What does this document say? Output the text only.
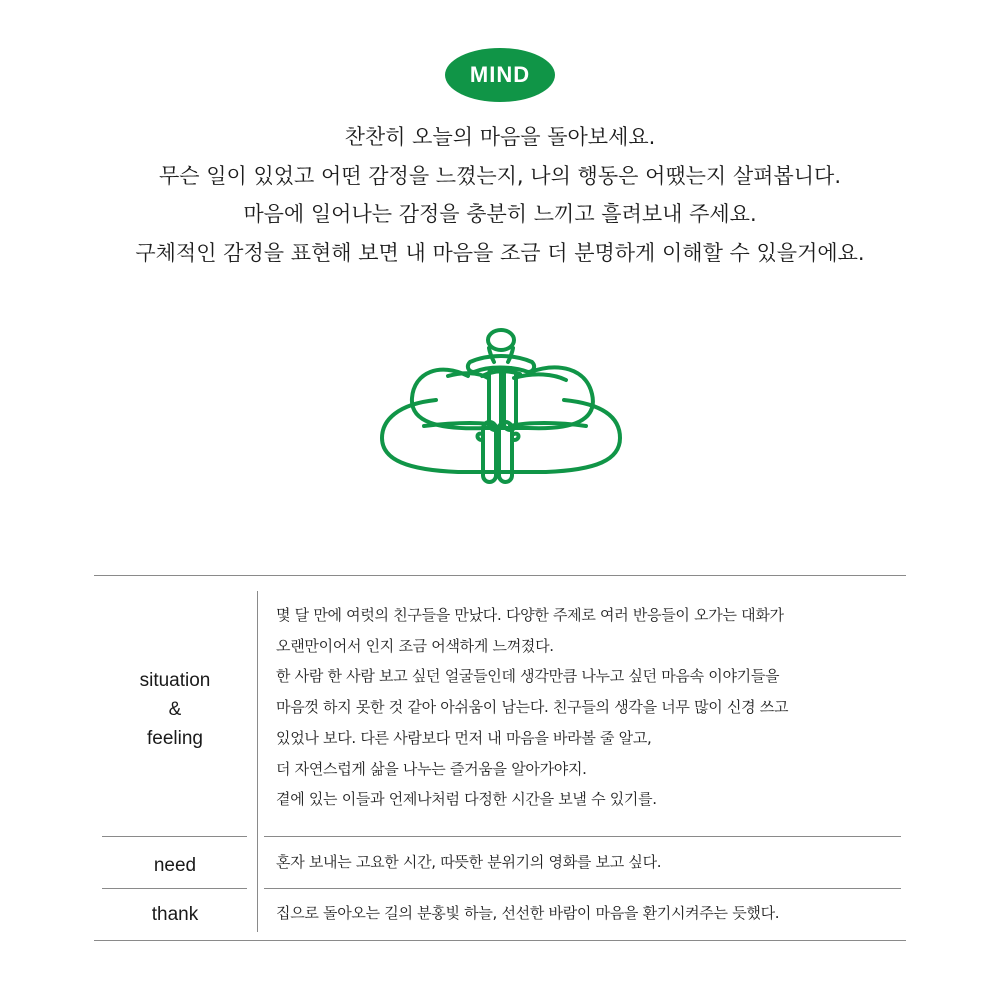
MIND

찬찬히 오늘의 마음을 돌아보세요.

무슨 일이 있었고 어떤 감정을 느꼈는지, 나의 행동은 어땠는지 살펴봅니다.

마음에 일어나는 감정을 충분히 느끼고 흘려보내 주세요.

구체적인 감정을 표현해 보면 내 마음을 조금 더 분명하게 이해할 수 있을거에요.

situation
&
feeling

몇 달 만에 여럿의 친구들을 만났다. 다양한 주제로 여러 반응들이 오가는 대화가

오랜만이어서 인지 조금 어색하게 느껴졌다.

한 사람 한 사람 보고 싶던 얼굴들인데 생각만큼 나누고 싶던 마음속 이야기들을

마음껏 하지 못한 것 같아 아쉬움이 남는다. 친구들의 생각을 너무 많이 신경 쓰고

있었나 보다. 다른 사람보다 먼저 내 마음을 바라볼 줄 알고,

더 자연스럽게 삶을 나누는 즐거움을 알아가야지.

곁에 있는 이들과 언제나처럼 다정한 시간을 보낼 수 있기를.

need	혼자 보내는 고요한 시간, 따뜻한 분위기의 영화를 보고 싶다.

thank	집으로 돌아오는 길의 분홍빛 하늘, 선선한 바람이 마음을 환기시켜주는 듯했다.
